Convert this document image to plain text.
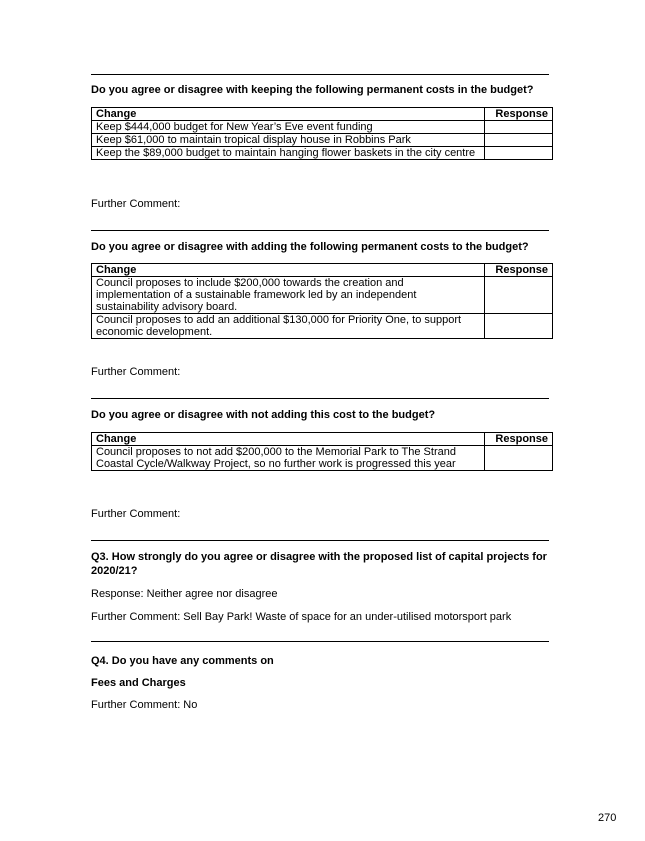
Do you agree or disagree with keeping the following permanent costs in the budget?
Change	Response
Keep $444,000 budget for New Year’s Eve event funding	
Keep $61,000 to maintain tropical display house in Robbins Park	
Keep the $89,000 budget to maintain hanging flower baskets in the city centre	
Further Comment:
Do you agree or disagree with adding the following permanent costs to the budget?
Change	Response
Council proposes to include $200,000 towards the creation and implementation of a sustainable framework led by an independent sustainability advisory board.	
Council proposes to add an additional $130,000 for Priority One, to support economic development.	
Further Comment:
Do you agree or disagree with not adding this cost to the budget?
Change	Response
Council proposes to not add $200,000 to the Memorial Park to The Strand Coastal Cycle/Walkway Project, so no further work is progressed this year	
Further Comment:
Q3. How strongly do you agree or disagree with the proposed list of capital projects for 2020/21?
Response: Neither agree nor disagree
Further Comment: Sell Bay Park! Waste of space for an under-utilised motorsport park
Q4. Do you have any comments on
Fees and Charges
Further Comment: No
270
